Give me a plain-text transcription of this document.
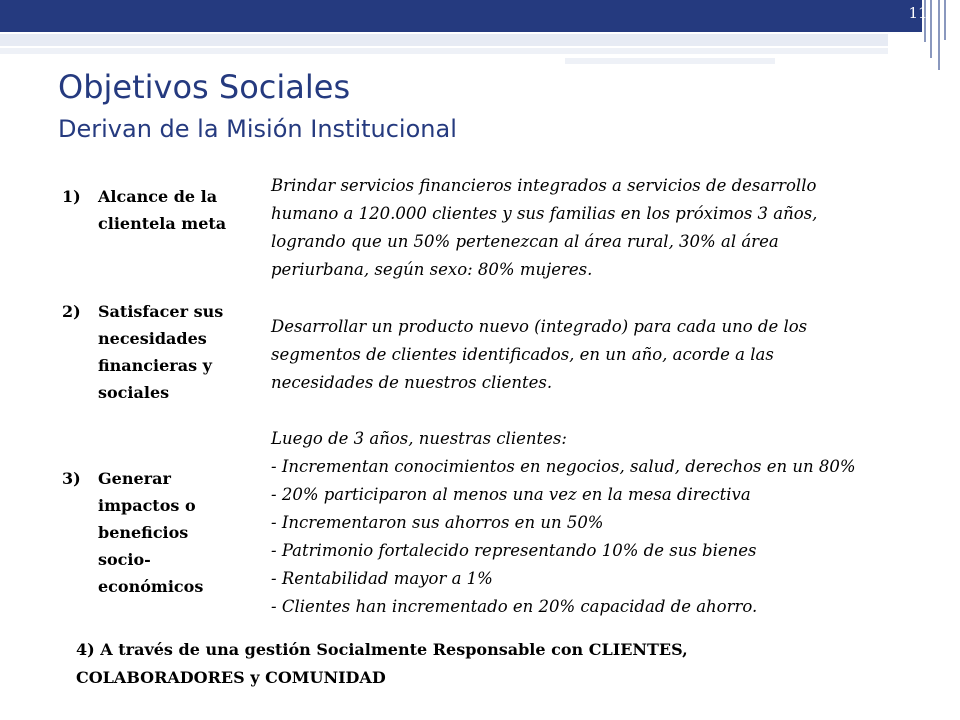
11
Objetivos Sociales
Derivan de la Misión Institucional
1) Alcance de la
clientela meta
Brindar servicios financieros integrados a servicios de desarrollo
humano a 120.000 clientes y sus familias en los próximos 3 años,
logrando que un 50% pertenezcan al área rural, 30% al área
periurbana, según sexo: 80% mujeres.
2) Satisfacer sus
necesidades
financieras y
sociales
Desarrollar un producto nuevo (integrado) para cada uno de los
segmentos de clientes identificados, en un año, acorde a las
necesidades de nuestros clientes.
3) Generar
impactos o
beneficios
socio-
económicos
Luego de 3 años, nuestras clientes:
- Incrementan conocimientos en negocios, salud, derechos en un 80%
- 20% participaron al menos una vez en la mesa directiva
- Incrementaron sus ahorros en un 50%
- Patrimonio fortalecido representando 10% de sus bienes
- Rentabilidad mayor a 1%
- Clientes han incrementado en 20% capacidad de ahorro.
4) A través de una gestión Socialmente Responsable con CLIENTES,
COLABORADORES y COMUNIDAD
